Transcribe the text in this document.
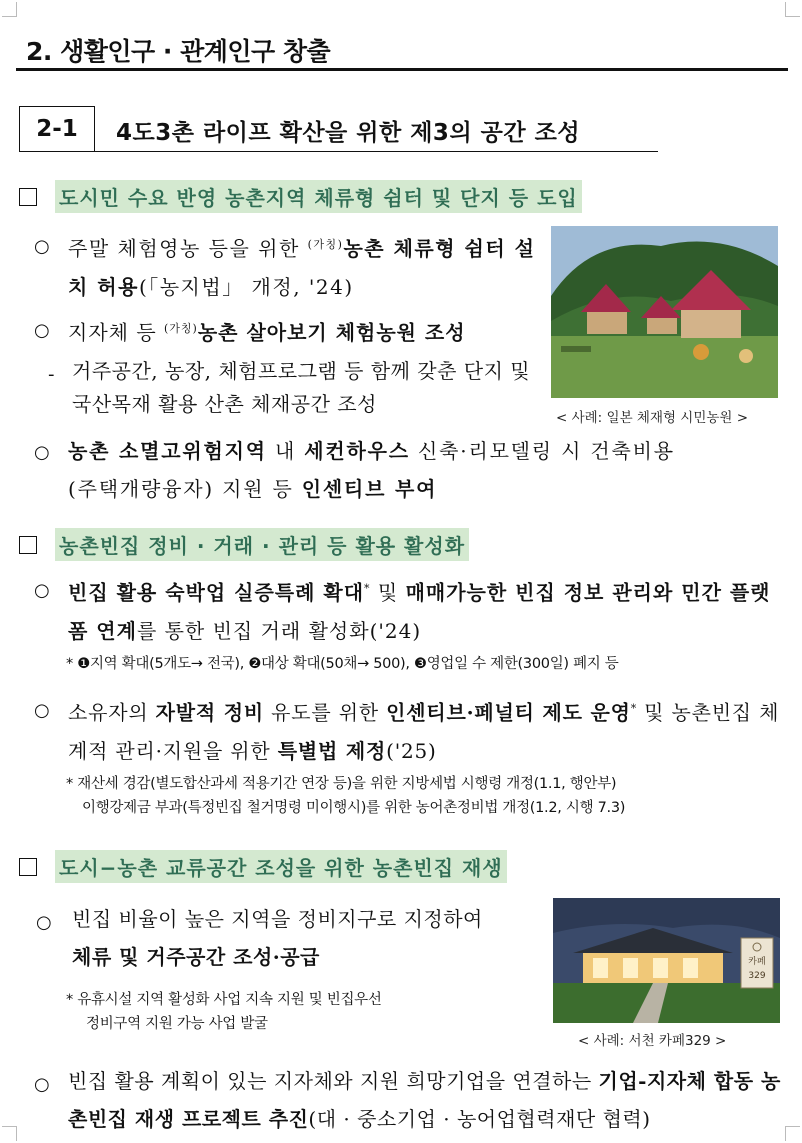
2. 생활인구 · 관계인구 창출
2-1	4도3촌 라이프 확산을 위한 제3의 공간 조성
도시민 수요 반영 농촌지역 체류형 쉼터 및 단지 등 도입
○ 주말 체험영농 등을 위한 $^{(가칭)}$농촌 체류형 쉼터 설치 허용(「농지법」 개정, '24)
○ 지자체 등 $^{(가칭)}$농촌 살아보기 체험농원 조성
- 거주공간, 농장, 체험프로그램 등 함께 갖춘 단지 및 국산목재 활용 산촌 체재공간 조성
< 사례: 일본 체재형 시민농원 >
○ 농촌 소멸고위험지역 내 세컨하우스 신축·리모델링 시 건축비용
(주택개량융자) 지원 등 인센티브 부여
농촌빈집 정비 · 거래 · 관리 등 활용 활성화
○ 빈집 활용 숙박업 실증특례 확대* 및 매매가능한 빈집 정보 관리와 민간 플랫폼 연계를 통한 빈집 거래 활성화('24)
* ❶지역 확대(5개도→ 전국), ❷대상 확대(50채→ 500), ❸영업일 수 제한(300일) 폐지 등
○ 소유자의 자발적 정비 유도를 위한 인센티브·페널티 제도 운영* 및 농촌빈집 체계적 관리·지원을 위한 특별법 제정('25)
* 재산세 경감(별도합산과세 적용기간 연장 등)을 위한 지방세법 시행령 개정(1.1, 행안부)
이행강제금 부과(특정빈집 철거명령 미이행시)를 위한 농어촌정비법 개정(1.2, 시행 7.3)
도시−농촌 교류공간 조성을 위한 농촌빈집 재생
○ 빈집 비율이 높은 지역을 정비지구로 지정하여
체류 및 거주공간 조성·공급
* 유휴시설 지역 활성화 사업 지속 지원 및 빈집우선
정비구역 지원 가능 사업 발굴
카페
329
< 사례: 서천 카페329 >
○ 빈집 활용 계획이 있는 지자체와 지원 희망기업을 연결하는 기업-지자체 합동 농촌빈집 재생 프로젝트 추진(대 · 중소기업 · 농어업협력재단 협력)
